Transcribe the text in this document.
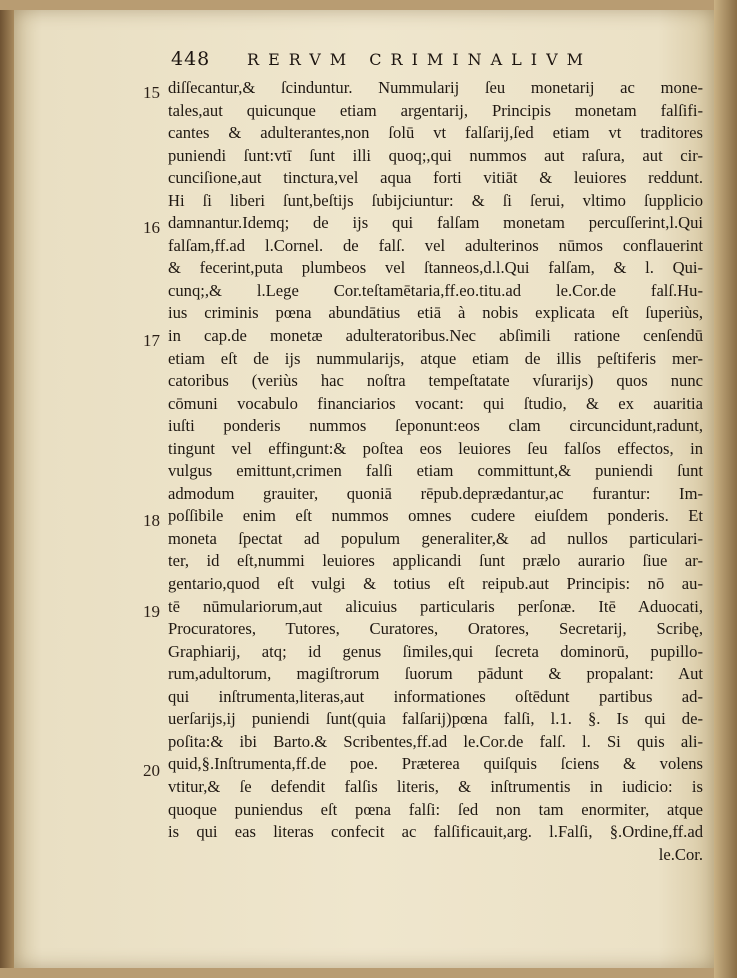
448 RERVM CRIMINALIVM
15
16
17
18
19
20
diſſecantur,& ſcinduntur. Nummularij ſeu monetarij ac mone-
tales,aut quicunque etiam argentarij, Principis monetam falſifi-
cantes & adulterantes,non ſolū vt falſarij,ſed etiam vt traditores
puniendi ſunt:vtī ſunt illi quoq;,qui nummos aut raſura, aut cir-
cunciſione,aut tinctura,vel aqua forti vitiāt & leuiores reddunt.
Hi ſi liberi ſunt,beſtijs ſubijciuntur: & ſi ſerui, vltimo ſupplicio
damnantur.Idemq; de ijs qui falſam monetam percuſſerint,l.Qui
falſam,ff.ad l.Cornel. de falſ. vel adulterinos nūmos conflauerint
& fecerint,puta plumbeos vel ſtanneos,d.l.Qui falſam, & l. Qui-
cunq;,& l.Lege Cor.teſtamētaria,ff.eo.titu.ad le.Cor.de falſ.Hu-
ius criminis pœna abundātius etiā à nobis explicata eſt ſuperiùs,
in cap.de monetæ adulteratoribus.Nec abſimili ratione cenſendū
etiam eſt de ijs nummularijs, atque etiam de illis peſtiferis mer-
catoribus (veriùs hac noſtra tempeſtatate vſurarijs) quos nunc
cōmuni vocabulo financiarios vocant: qui ſtudio, & ex auaritia
iuſti ponderis nummos ſeponunt:eos clam circuncidunt,radunt,
tingunt vel effingunt:& poſtea eos leuiores ſeu falſos effectos, in
vulgus emittunt,crimen falſi etiam committunt,& puniendi ſunt
admodum grauiter, quoniā rēpub.deprædantur,ac furantur: Im-
poſſibile enim eſt nummos omnes cudere eiuſdem ponderis. Et
moneta ſpectat ad populum generaliter,& ad nullos particulari-
ter, id eſt,nummi leuiores applicandi ſunt prælo aurario ſiue ar-
gentario,quod eſt vulgi & totius eſt reipub.aut Principis: nō au-
tē nūmulariorum,aut alicuius particularis perſonæ. Itē Aduocati,
Procuratores, Tutores, Curatores, Oratores, Secretarij, Scribę,
Graphiarij, atq; id genus ſimiles,qui ſecreta dominorū, pupillo-
rum,adultorum, magiſtrorum ſuorum pādunt & propalant: Aut
qui inſtrumenta,literas,aut informationes oſtēdunt partibus ad-
uerſarijs,ij puniendi ſunt(quia falſarij)pœna falſi, l.1. §. Is qui de-
poſita:& ibi Barto.& Scribentes,ff.ad le.Cor.de falſ. l. Si quis ali-
quid,§.Inſtrumenta,ff.de poe. Præterea quiſquis ſciens & volens
vtitur,& ſe defendit falſis literis, & inſtrumentis in iudicio: is
quoque puniendus eſt pœna falſi: ſed non tam enormiter, atque
is qui eas literas confecit ac falſificauit,arg. l.Falſi, §.Ordine,ff.ad
le.Cor.
